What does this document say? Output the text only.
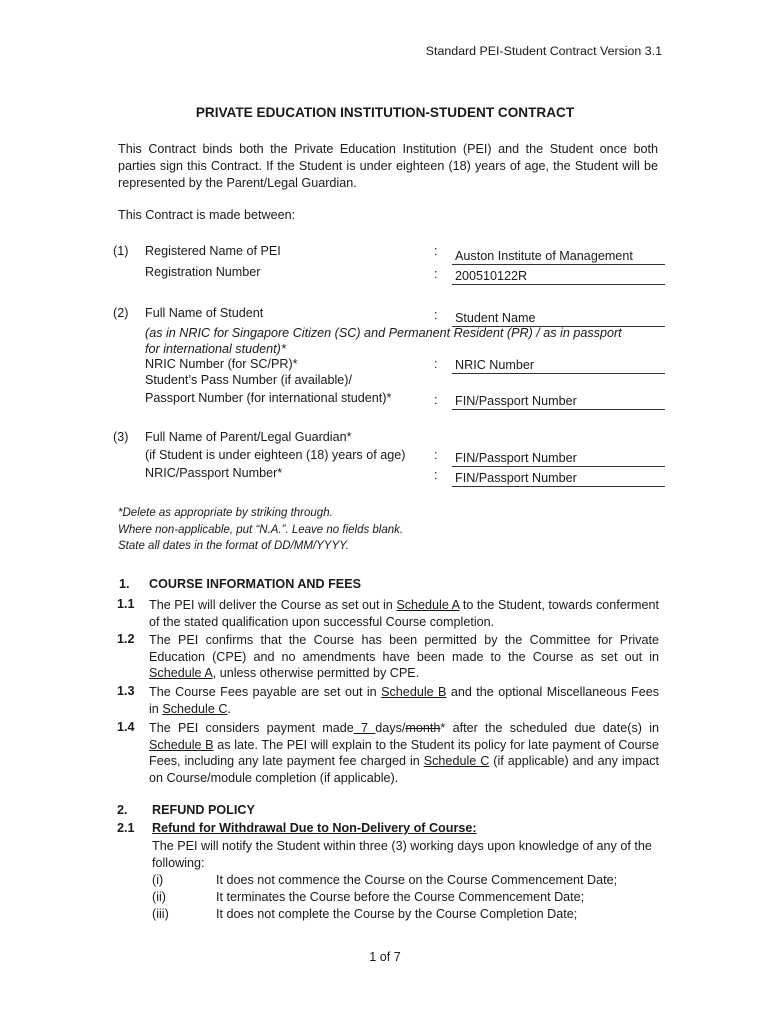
Standard PEI-Student Contract Version 3.1
PRIVATE EDUCATION INSTITUTION-STUDENT CONTRACT
This Contract binds both the Private Education Institution (PEI) and the Student once both parties sign this Contract. If the Student is under eighteen (18) years of age, the Student will be represented by the Parent/Legal Guardian.
This Contract is made between:
(1) Registered Name of PEI	: Auston Institute of Management
Registration Number	: 200510122R
(2) Full Name of Student	: Student Name
(as in NRIC for Singapore Citizen (SC) and Permanent Resident (PR) / as in passport
for international student)*
NRIC Number (for SC/PR)*	: NRIC Number
Student’s Pass Number (if available)/
Passport Number (for international student)*	: FIN/Passport Number
(3) Full Name of Parent/Legal Guardian*
(if Student is under eighteen (18) years of age) : FIN/Passport Number
NRIC/Passport Number*	: FIN/Passport Number
*Delete as appropriate by striking through.
Where non-applicable, put “N.A.”. Leave no fields blank.
State all dates in the format of DD/MM/YYYY.
1. COURSE INFORMATION AND FEES
1.1 The PEI will deliver the Course as set out in Schedule A to the Student, towards conferment of the stated qualification upon successful Course completion.
1.2 The PEI confirms that the Course has been permitted by the Committee for Private Education (CPE) and no amendments have been made to the Course as set out in Schedule A, unless otherwise permitted by CPE.
1.3 The Course Fees payable are set out in Schedule B and the optional Miscellaneous Fees in Schedule C.
1.4 The PEI considers payment made 7 days/month* after the scheduled due date(s) in Schedule B as late. The PEI will explain to the Student its policy for late payment of Course Fees, including any late payment fee charged in Schedule C (if applicable) and any impact on Course/module completion (if applicable).
2. REFUND POLICY
2.1 Refund for Withdrawal Due to Non-Delivery of Course:
The PEI will notify the Student within three (3) working days upon knowledge of any of the following:
(i)	It does not commence the Course on the Course Commencement Date;
(ii)	It terminates the Course before the Course Commencement Date;
(iii)	It does not complete the Course by the Course Completion Date;
1 of 7
